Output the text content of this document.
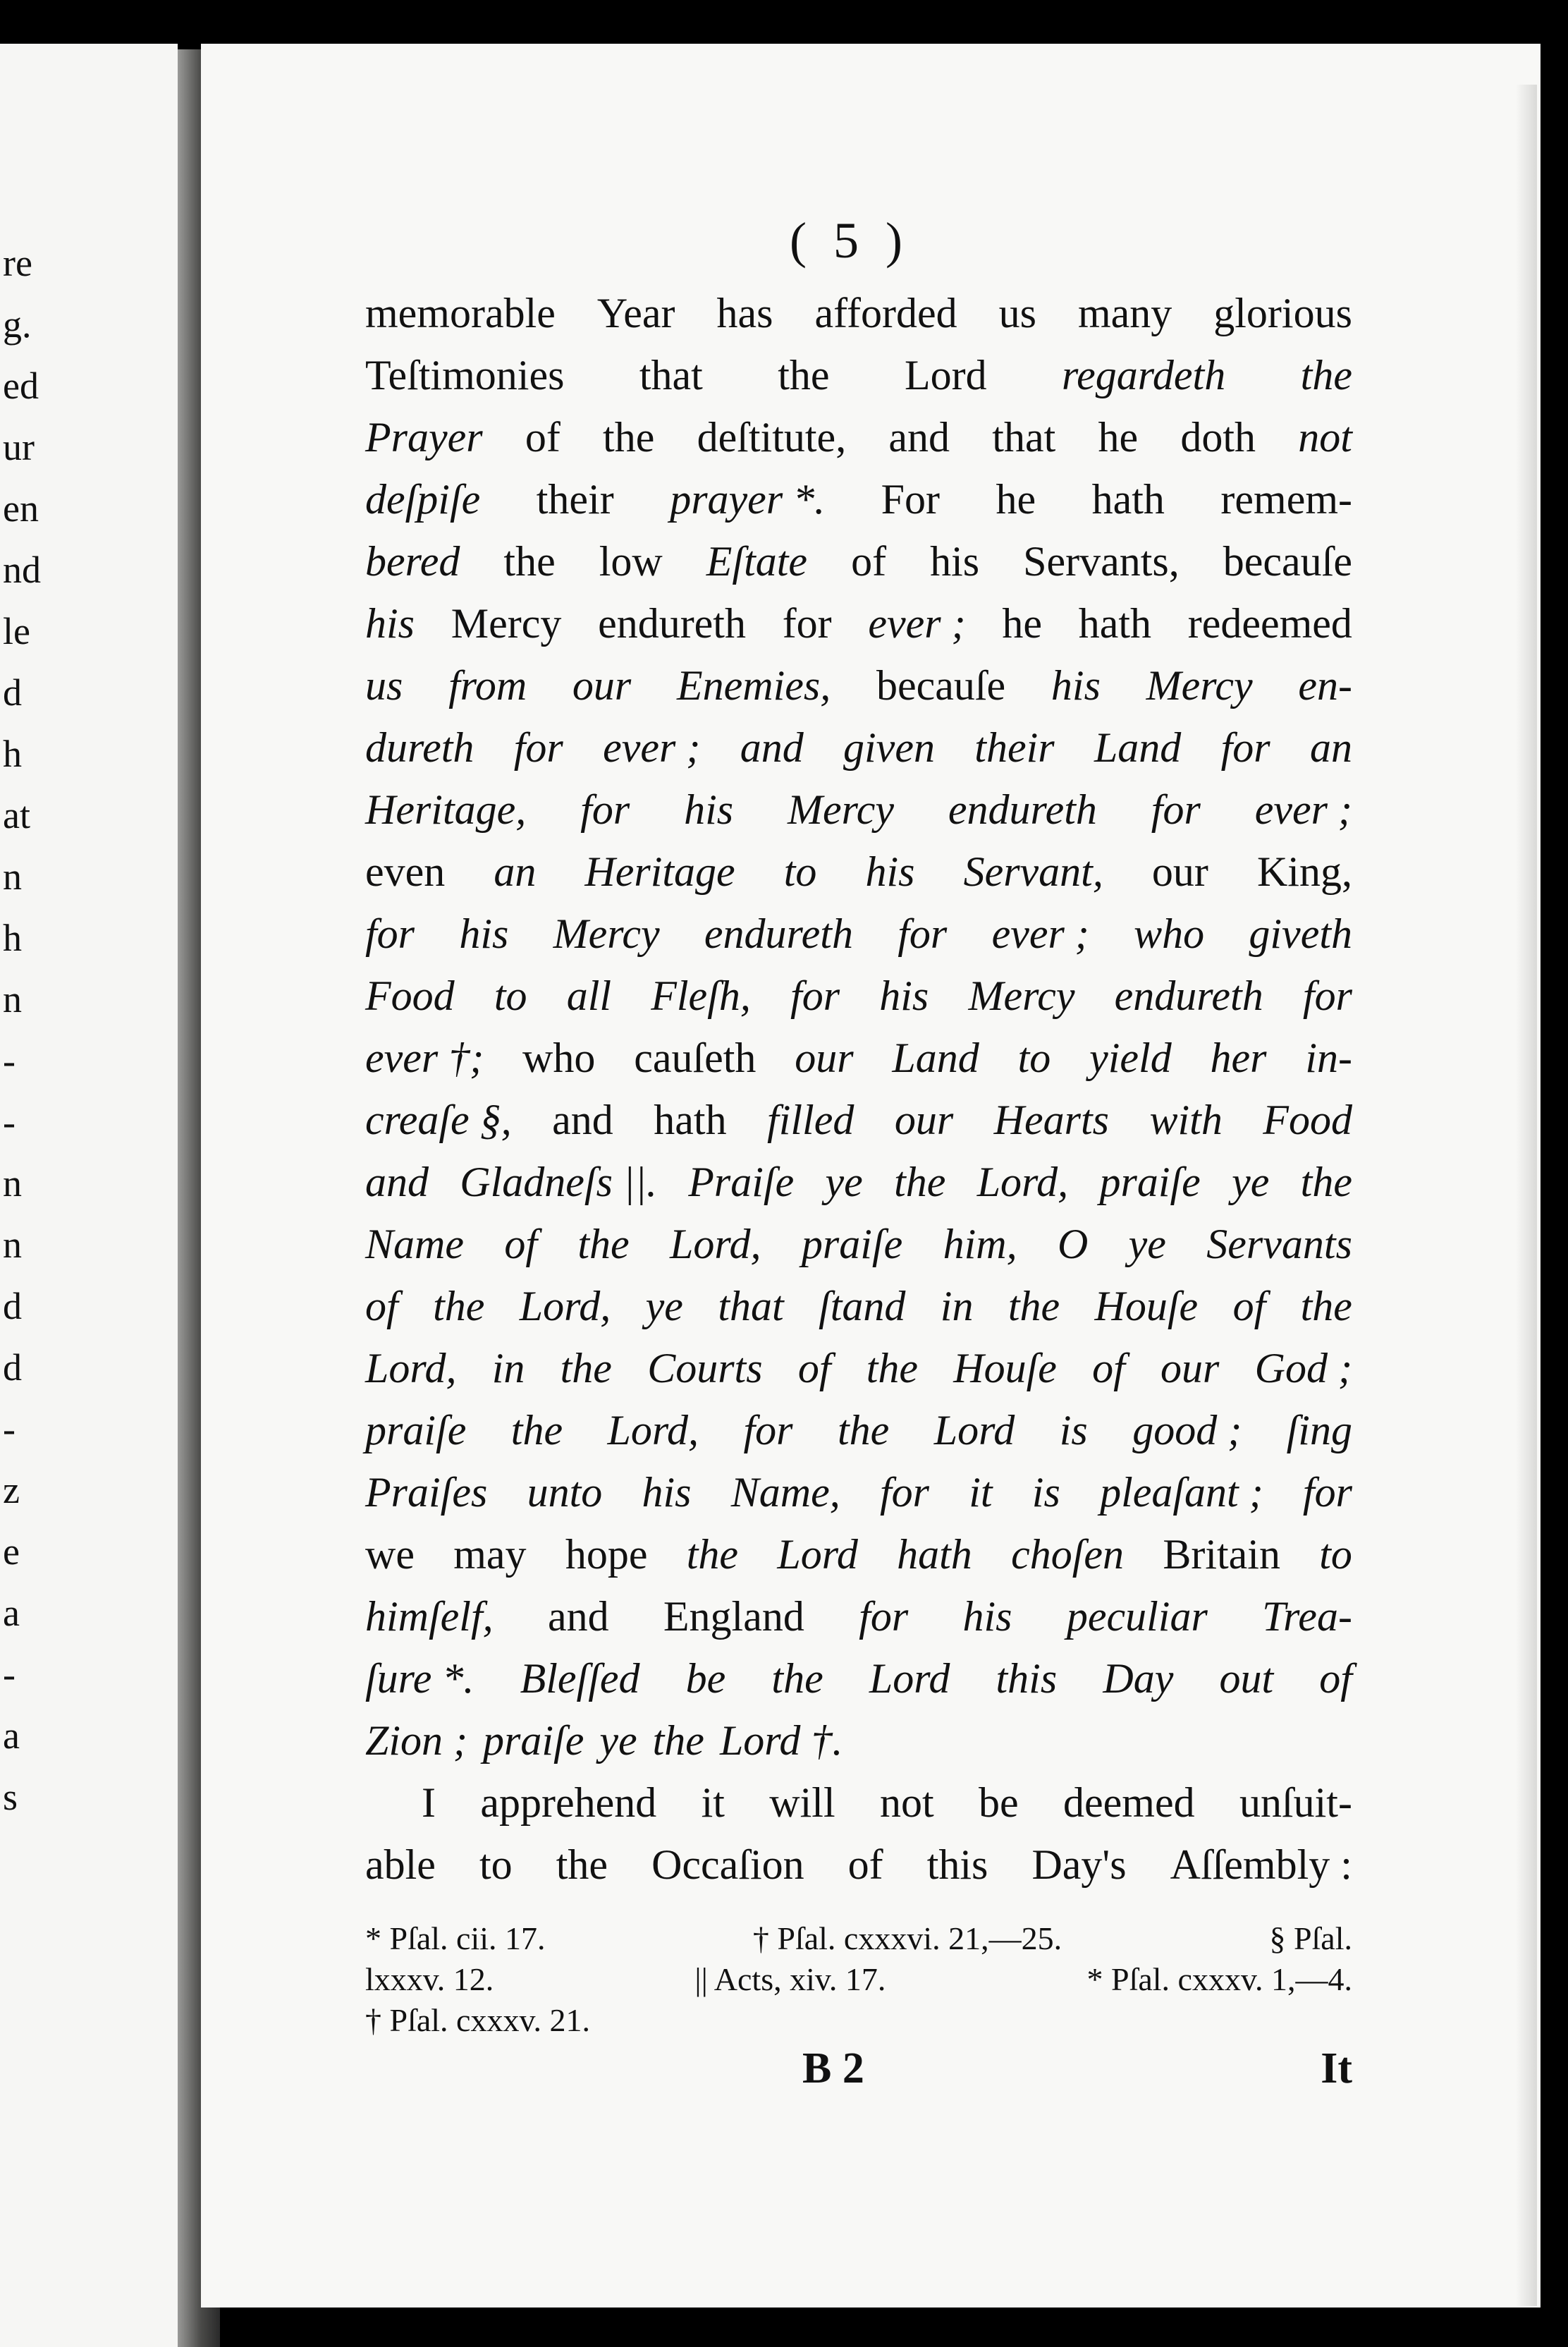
re
g.
ed
ur
en
nd
le
d
h
at
n
h
n
-
-
n
n
d
d
-
z
e
a
-
a
s
( 5 )
memorable Year has afforded us many glorious
Teſtimonies that the Lord regardeth the
Prayer of the deſtitute, and that he doth not
deſpiſe their prayer *. For he hath remem-
bered the low Eſtate of his Servants, becauſe
his Mercy endureth for ever ; he hath redeemed
us from our Enemies, becauſe his Mercy en-
dureth for ever ; and given their Land for an
Heritage, for his Mercy endureth for ever ;
even an Heritage to his Servant, our King,
for his Mercy endureth for ever ; who giveth
Food to all Fleſh, for his Mercy endureth for
ever †; who cauſeth our Land to yield her in-
creaſe §, and hath filled our Hearts with Food
and Gladneſs ||. Praiſe ye the Lord, praiſe ye the
Name of the Lord, praiſe him, O ye Servants
of the Lord, ye that ſtand in the Houſe of the
Lord, in the Courts of the Houſe of our God ;
praiſe the Lord, for the Lord is good ; ſing
Praiſes unto his Name, for it is pleaſant ; for
we may hope the Lord hath choſen Britain to
himſelf, and England for his peculiar Trea-
ſure *. Bleſſed be the Lord this Day out of
Zion ; praiſe ye the Lord †.
I apprehend it will not be deemed unſuit-
able to the Occaſion of this Day's Aſſembly :
* Pſal. cii. 17.	† Pſal. cxxxvi. 21,—25.	§ Pſal.
lxxxv. 12.	|| Acts, xiv. 17.	* Pſal. cxxxv. 1,—4.
† Pſal. cxxxv. 21.
B 2	It
